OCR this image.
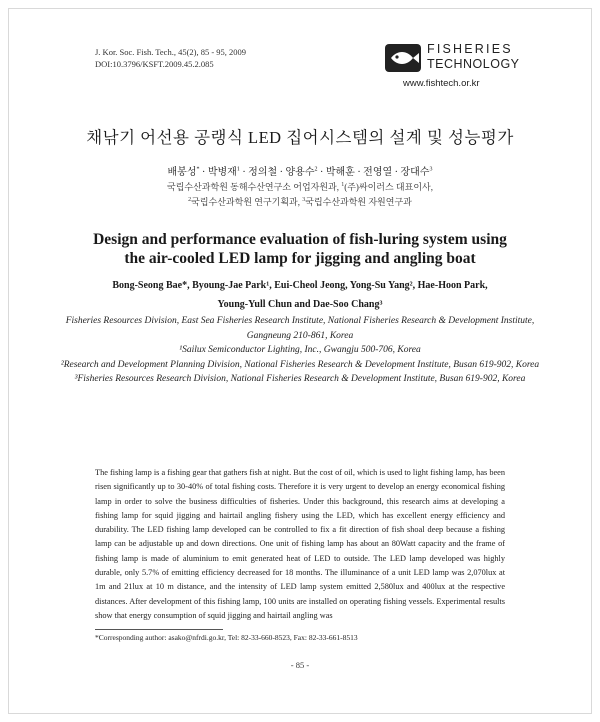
J. Kor. Soc. Fish. Tech., 45(2), 85 - 95, 2009
DOI:10.3796/KSFT.2009.45.2.085
FISHERIES
TECHNOLOGY
www.fishtech.or.kr
채낚기 어선용 공랭식 LED 집어시스템의 설계 및 성능평가
배봉성* · 박병재$^1$ · 정의철 · 양용수$^2$ · 박해훈 · 전영열 · 장대수$^3$
국립수산과학원 동해수산연구소 어업자원과, $^1$(주)싸이러스 대표이사,
$^2$국립수산과학원 연구기획과, $^3$국립수산과학원 자원연구과
Design and performance evaluation of fish-luring system using
the air-cooled LED lamp for jigging and angling boat
Bong-Seong Bae*, Byoung-Jae Park¹, Eui-Cheol Jeong, Yong-Su Yang², Hae-Hoon Park,
Young-Yull Chun and Dae-Soo Chang³
Fisheries Resources Division, East Sea Fisheries Research Institute, National Fisheries Research & Development Institute, Gangneung 210-861, Korea
¹Sailux Semiconductor Lighting, Inc., Gwangju 500-706, Korea
²Research and Development Planning Division, National Fisheries Research & Development Institute, Busan 619-902, Korea
³Fisheries Resources Research Division, National Fisheries Research & Development Institute, Busan 619-902, Korea
The fishing lamp is a fishing gear that gathers fish at night. But the cost of oil, which is used to light fishing lamp, has been risen significantly up to 30-40% of total fishing costs. Therefore it is very urgent to develop an energy economical fishing lamp in order to solve the business difficulties of fisheries. Under this background, this research aims at developing a fishing lamp for squid jigging and hairtail angling fishery using the LED, which has excellent energy efficiency and durability. The LED fishing lamp developed can be controlled to fix a fit direction of fish shoal deep because a fishing lamp can be adjustable up and down directions. One unit of fishing lamp has about an 80Watt capacity and the frame of fishing lamp is made of aluminium to emit generated heat of LED to outside. The LED lamp developed was highly durable, only 5.7% of emitting efficiency decreased for 18 months. The illuminance of a unit LED lamp was 2,070lux at 1m and 21lux at 10 m distance, and the intensity of LED lamp system emitted 2,580lux and 400lux at the respective distances. After development of this fishing lamp, 100 units are installed on operating fishing vessels. Experimental results show that energy consumption of squid jigging and hairtail angling was
*Corresponding author: asako@nfrdi.go.kr, Tel: 82-33-660-8523, Fax: 82-33-661-8513
- 85 -
